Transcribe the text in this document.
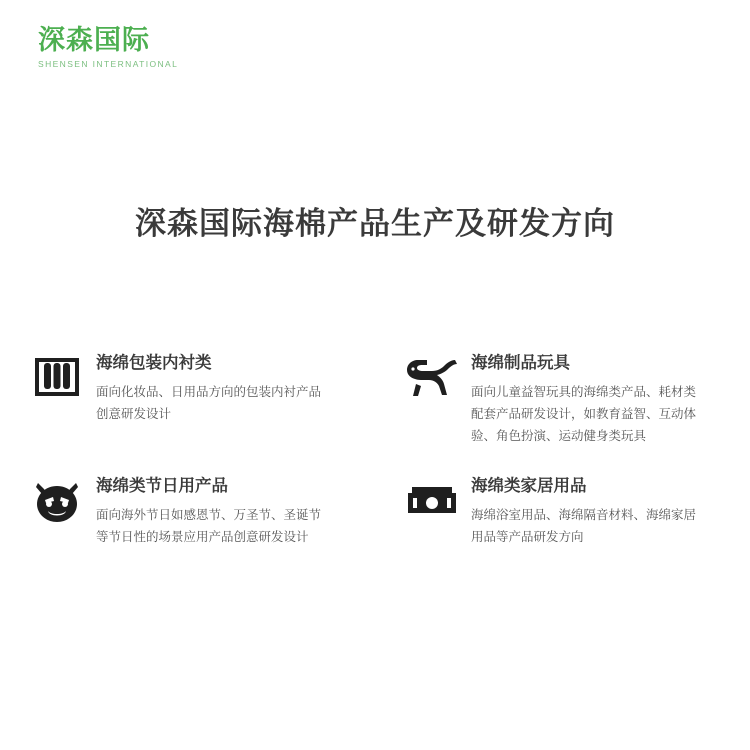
深森国际
SHENSEN INTERNATIONAL
深森国际海棉产品生产及研发方向
海绵包装内衬类
面向化妆品、日用品方向的包装内衬产品创意研发设计
海绵制品玩具
面向儿童益智玩具的海绵类产品、耗材类配套产品研发设计，如教育益智、互动体验、角色扮演、运动健身类玩具
海绵类节日用产品
面向海外节日如感恩节、万圣节、圣诞节等节日性的场景应用产品创意研发设计
海绵类家居用品
海绵浴室用品、海绵隔音材料、海绵家居用品等产品研发方向
